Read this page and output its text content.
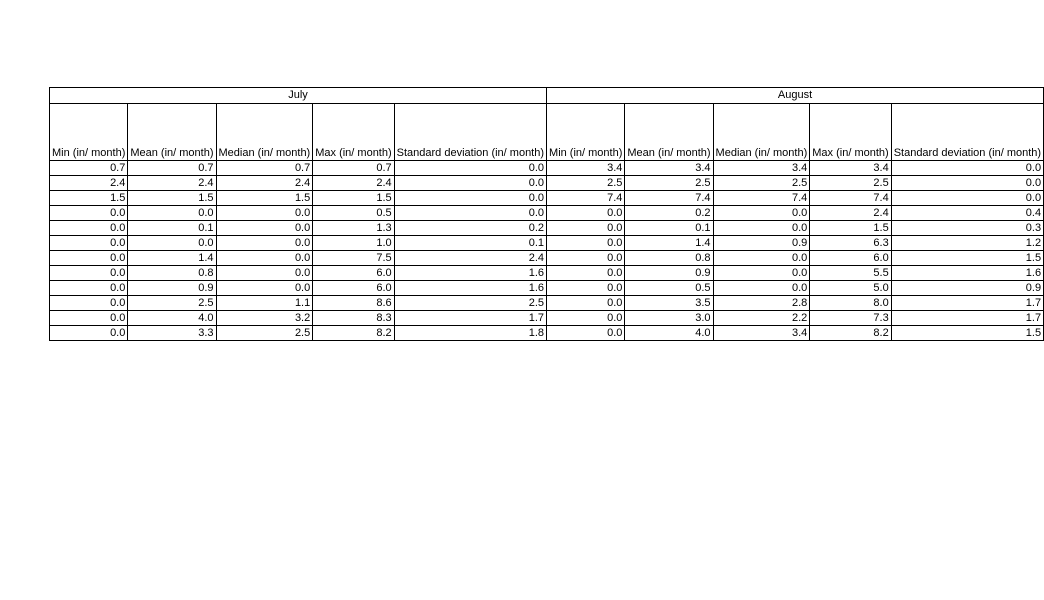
July					August				
Min (in/ month)	Mean (in/ month)	Median (in/ month)	Max (in/ month)	Standard deviation (in/ month)	Min (in/ month)	Mean (in/ month)	Median (in/ month)	Max (in/ month)	Standard deviation (in/ month)
0.7	0.7	0.7	0.7	0.0	3.4	3.4	3.4	3.4	0.0
2.4	2.4	2.4	2.4	0.0	2.5	2.5	2.5	2.5	0.0
1.5	1.5	1.5	1.5	0.0	7.4	7.4	7.4	7.4	0.0
0.0	0.0	0.0	0.5	0.0	0.0	0.2	0.0	2.4	0.4
0.0	0.1	0.0	1.3	0.2	0.0	0.1	0.0	1.5	0.3
0.0	0.0	0.0	1.0	0.1	0.0	1.4	0.9	6.3	1.2
0.0	1.4	0.0	7.5	2.4	0.0	0.8	0.0	6.0	1.5
0.0	0.8	0.0	6.0	1.6	0.0	0.9	0.0	5.5	1.6
0.0	0.9	0.0	6.0	1.6	0.0	0.5	0.0	5.0	0.9
0.0	2.5	1.1	8.6	2.5	0.0	3.5	2.8	8.0	1.7
0.0	4.0	3.2	8.3	1.7	0.0	3.0	2.2	7.3	1.7
0.0	3.3	2.5	8.2	1.8	0.0	4.0	3.4	8.2	1.5
